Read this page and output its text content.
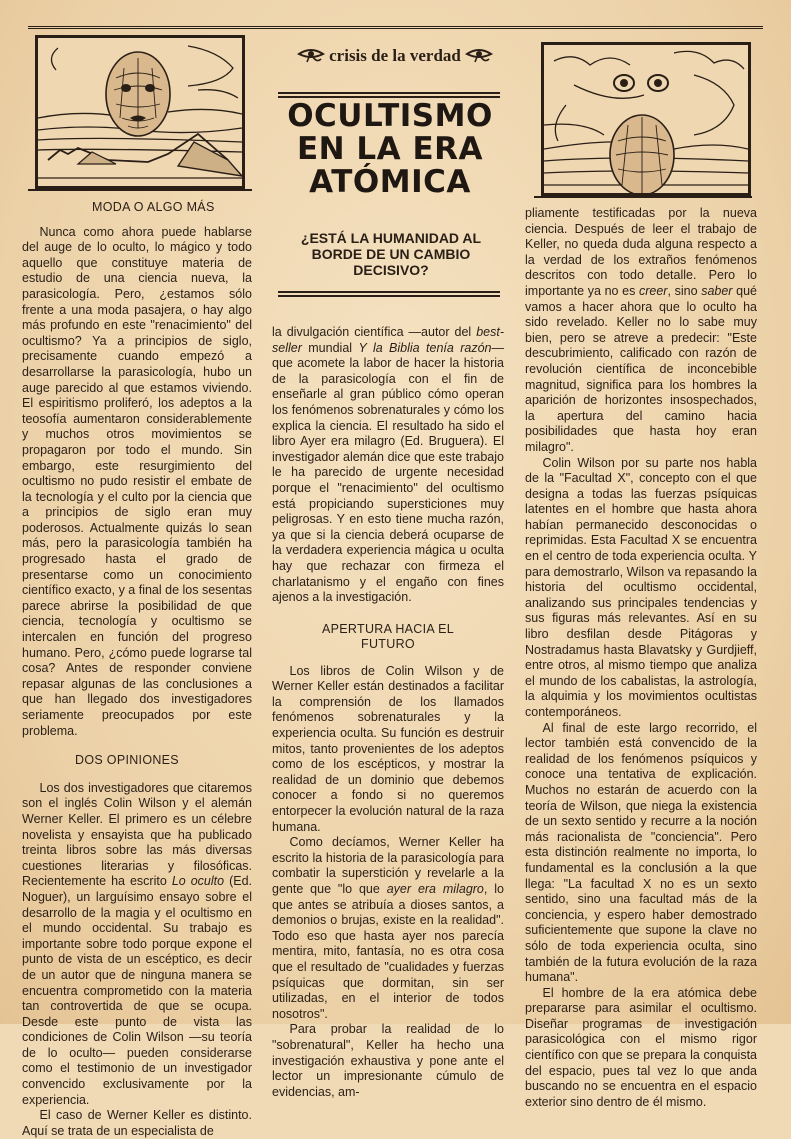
crisis de la verdad
OCULTISMO
EN LA ERA
ATÓMICA
¿ESTÁ LA HUMANIDAD AL BORDE DE UN CAMBIO DECISIVO?
MODA O ALGO MÁS

Nunca como ahora puede hablarse del auge de lo oculto, lo mágico y todo aquello que constituye materia de estudio de una ciencia nueva, la parasicología. Pero, ¿estamos sólo frente a una moda pasajera, o hay algo más profundo en este "renacimiento" del ocultismo? Ya a principios de siglo, precisamente cuando empezó a desarrollarse la parasicología, hubo un auge parecido al que estamos viviendo. El espiritismo proliferó, los adeptos a la teosofía aumentaron considerablemente y muchos otros movimientos se propagaron por todo el mundo. Sin embargo, este resurgimiento del ocultismo no pudo resistir el embate de la tecnología y el culto por la ciencia que a principios de siglo eran muy poderosos. Actualmente quizás lo sean más, pero la parasicología también ha progresado hasta el grado de presentarse como un conocimiento científico exacto, y a final de los sesentas parece abrirse la posibilidad de que ciencia, tecnología y ocultismo se intercalen en función del progreso humano. Pero, ¿cómo puede lograrse tal cosa? Antes de responder conviene repasar algunas de las conclusiones a que han llegado dos investigadores seriamente preocupados por este problema.

DOS OPINIONES

Los dos investigadores que citaremos son el inglés Colin Wilson y el alemán Werner Keller. El primero es un célebre novelista y ensayista que ha publicado treinta libros sobre las más diversas cuestiones literarias y filosóficas. Recientemente ha escrito Lo oculto (Ed. Noguer), un larguísimo ensayo sobre el desarrollo de la magia y el ocultismo en el mundo occidental. Su trabajo es importante sobre todo porque expone el punto de vista de un escéptico, es decir de un autor que de ninguna manera se encuentra comprometido con la materia tan controvertida de que se ocupa. Desde este punto de vista las condiciones de Colin Wilson —su teoría de lo oculto— pueden considerarse como el testimonio de un investigador convencido exclusivamente por la experiencia.

El caso de Werner Keller es distinto. Aquí se trata de un especialista de

la divulgación científica —autor del best-seller mundial Y la Biblia tenía razón— que acomete la labor de hacer la historia de la parasicología con el fin de enseñarle al gran público cómo operan los fenómenos sobrenaturales y cómo los explica la ciencia. El resultado ha sido el libro Ayer era milagro (Ed. Bruguera). El investigador alemán dice que este trabajo le ha parecido de urgente necesidad porque el "renacimiento" del ocultismo está propiciando supersticiones muy peligrosas. Y en esto tiene mucha razón, ya que si la ciencia deberá ocuparse de la verdadera experiencia mágica u oculta hay que rechazar con firmeza el charlatanismo y el engaño con fines ajenos a la investigación.

APERTURA HACIA EL FUTURO

Los libros de Colin Wilson y de Werner Keller están destinados a facilitar la comprensión de los llamados fenómenos sobrenaturales y la experiencia oculta. Su función es destruir mitos, tanto provenientes de los adeptos como de los escépticos, y mostrar la realidad de un dominio que debemos conocer a fondo si no queremos entorpecer la evolución natural de la raza humana.

Como decíamos, Werner Keller ha escrito la historia de la parasicología para combatir la superstición y revelarle a la gente que "lo que ayer era milagro, lo que antes se atribuía a dioses santos, a demonios o brujas, existe en la realidad". Todo eso que hasta ayer nos parecía mentira, mito, fantasía, no es otra cosa que el resultado de "cualidades y fuerzas psíquicas que dormitan, sin ser utilizadas, en el interior de todos nosotros".

Para probar la realidad de lo "sobrenatural", Keller ha hecho una investigación exhaustiva y pone ante el lector un impresionante cúmulo de evidencias, am-

pliamente testificadas por la nueva ciencia. Después de leer el trabajo de Keller, no queda duda alguna respecto a la verdad de los extraños fenómenos descritos con todo detalle. Pero lo importante ya no es creer, sino saber qué vamos a hacer ahora que lo oculto ha sido revelado. Keller no lo sabe muy bien, pero se atreve a predecir: "Este descubrimiento, calificado con razón de revolución científica de inconcebible magnitud, significa para los hombres la aparición de horizontes insospechados, la apertura del camino hacia posibilidades que hasta hoy eran milagro".

Colin Wilson por su parte nos habla de la "Facultad X", concepto con el que designa a todas las fuerzas psíquicas latentes en el hombre que hasta ahora habían permanecido desconocidas o reprimidas. Esta Facultad X se encuentra en el centro de toda experiencia oculta. Y para demostrarlo, Wilson va repasando la historia del ocultismo occidental, analizando sus principales tendencias y sus figuras más relevantes. Así en su libro desfilan desde Pitágoras y Nostradamus hasta Blavatsky y Gurdjieff, entre otros, al mismo tiempo que analiza el mundo de los cabalistas, la astrología, la alquimia y los movimientos ocultistas contemporáneos.

Al final de este largo recorrido, el lector también está convencido de la realidad de los fenómenos psíquicos y conoce una tentativa de explicación. Muchos no estarán de acuerdo con la teoría de Wilson, que niega la existencia de un sexto sentido y recurre a la noción más racionalista de "conciencia". Pero esta distinción realmente no importa, lo fundamental es la conclusión a la que llega: "La facultad X no es un sexto sentido, sino una facultad más de la conciencia, y espero haber demostrado suficientemente que supone la clave no sólo de toda experiencia oculta, sino también de la futura evolución de la raza humana".

El hombre de la era atómica debe prepararse para asimilar el ocultismo. Diseñar programas de investigación parasicológica con el mismo rigor científico con que se prepara la conquista del espacio, pues tal vez lo que anda buscando no se encuentra en el espacio exterior sino dentro de él mismo.
